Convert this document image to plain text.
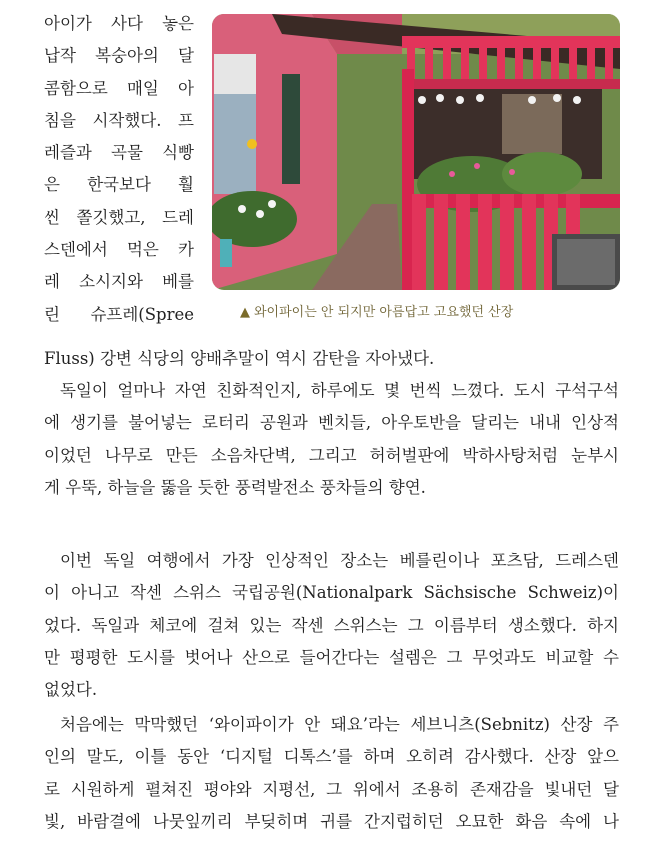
아이가 사다 놓은
납작 복숭아의 달
콤함으로 매일 아
침을 시작했다. 프
레즐과 곡물 식빵
은 한국보다 훨
씬 쫄깃했고, 드레
스덴에서 먹은 카
레 소시지와 베를
린 슈프레(Spree	▲ 와이파이는 안 되지만 아름답고 고요했던 산장
Fluss) 강변 식당의 양배추말이 역시 감탄을 자아냈다.
독일이 얼마나 자연 친화적인지, 하루에도 몇 번씩 느꼈다. 도시 구석구석
에 생기를 불어넣는 로터리 공원과 벤치들, 아우토반을 달리는 내내 인상적
이었던 나무로 만든 소음차단벽, 그리고 허허벌판에 박하사탕처럼 눈부시
게 우뚝, 하늘을 뚫을 듯한 풍력발전소 풍차들의 향연.
이번 독일 여행에서 가장 인상적인 장소는 베를린이나 포츠담, 드레스덴
이 아니고 작센 스위스 국립공원(Nationalpark Sächsische Schweiz)이
었다. 독일과 체코에 걸쳐 있는 작센 스위스는 그 이름부터 생소했다. 하지
만 평평한 도시를 벗어나 산으로 들어간다는 설렘은 그 무엇과도 비교할 수
없었다.
처음에는 막막했던 ‘와이파이가 안 돼요’라는 세브니츠(Sebnitz) 산장 주
인의 말도, 이틀 동안 ‘디지털 디톡스’를 하며 오히려 감사했다. 산장 앞으
로 시원하게 펼쳐진 평야와 지평선, 그 위에서 조용히 존재감을 빛내던 달
빛, 바람결에 나뭇잎끼리 부딪히며 귀를 간지럽히던 오묘한 화음 속에 나
